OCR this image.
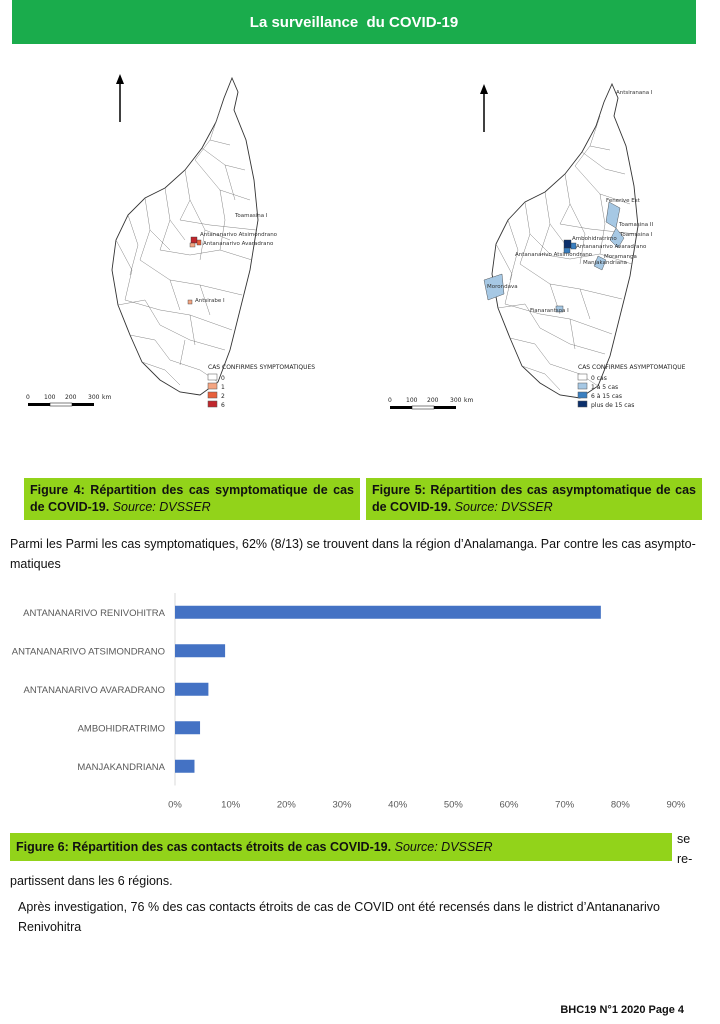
La surveillance  du COVID-19
Toamasina I
Antananarivo Atsimondrano
Antananarivo Avaradrano
Antsirabe I
CAS CONFIRMES SYMPTOMATIQUES
0
1
2
6
0 100 200 300 km
Antsiranana I
Fenerive Est
Toamasina II
Toamasina I
Ambohidratrimo
Antananarivo Avaradrano
Antananarivo Atsimondrano Moramanga
Manjakandriana
Morondava
Fianarantsoa I
CAS CONFIRMES ASYMPTOMATIQUE
0 cas
1 à 5 cas
6 à 15 cas
plus de 15 cas
0 100 200 300 km
Figure 4: Répartition des cas symptomatique de cas de COVID-19. Source: DVSSER
Figure 5: Répartition des cas asymptomatique de cas de COVID-19. Source: DVSSER
Parmi les Parmi les cas symptomatiques, 62% (8/13) se trouvent dans la région d’Analamanga. Par contre les cas asympto-matiques
ANTANANARIVO RENIVOHITRA
ANTANANARIVO ATSIMONDRANO
ANTANANARIVO AVARADRANO
AMBOHIDRATRIMO
MANJAKANDRIANA
0%	10%	20%	30%	40%	50%	60%	70%	80%	90%
Figure 6: Répartition des cas contacts étroits de cas COVID-19. Source: DVSSER
se
re-
partissent dans les 6 régions.
Après investigation, 76 % des cas contacts étroits de cas de COVID ont été recensés dans le district d’Antananarivo Renivohitra
BHC19 N°1 2020 Page 4
